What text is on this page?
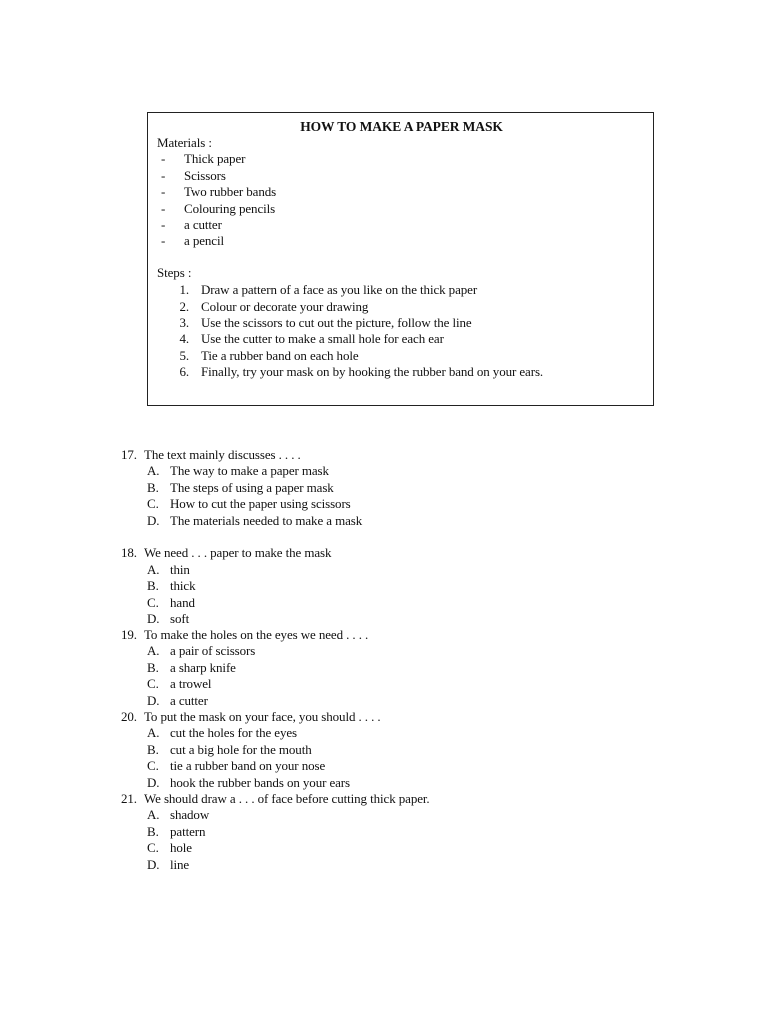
HOW TO MAKE A PAPER MASK
Materials :
- Thick paper
- Scissors
- Two rubber bands
- Colouring pencils
- a cutter
- a pencil
Steps :
1. Draw a pattern of a face as you like on the thick paper
2. Colour or decorate your drawing
3. Use the scissors to cut out the picture, follow the line
4. Use the cutter to make a small hole for each ear
5. Tie a rubber band on each hole
6. Finally, try your mask on by hooking the rubber band on your ears.
17. The text mainly discusses . . . .
A. The way to make a paper mask
B. The steps of using a paper mask
C. How to cut the paper using scissors
D. The materials needed to make a mask
18. We need . . . paper to make the mask
A. thin
B. thick
C. hand
D. soft
19. To make the holes on the eyes we need . . . .
A. a pair of scissors
B. a sharp knife
C. a trowel
D. a cutter
20. To put the mask on your face, you should . . . .
A. cut the holes for the eyes
B. cut a big hole for the mouth
C. tie a rubber band on your nose
D. hook the rubber bands on your ears
21. We should draw a . . . of face before cutting thick paper.
A. shadow
B. pattern
C. hole
D. line
